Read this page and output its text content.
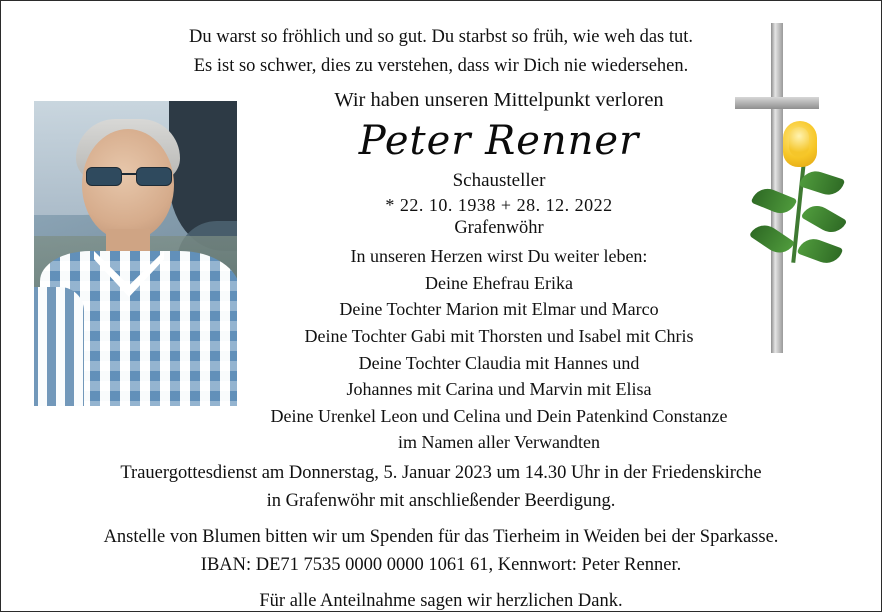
Du warst so fröhlich und so gut. Du starbst so früh, wie weh das tut.
Es ist so schwer, dies zu verstehen, dass wir Dich nie wiedersehen.
Wir haben unseren Mittelpunkt verloren
Peter Renner
Schausteller
* 22. 10. 1938 + 28. 12. 2022
Grafenwöhr
In unseren Herzen wirst Du weiter leben:
Deine Ehefrau Erika
Deine Tochter Marion mit Elmar und Marco
Deine Tochter Gabi mit Thorsten und Isabel mit Chris
Deine Tochter Claudia mit Hannes und
Johannes mit Carina und Marvin mit Elisa
Deine Urenkel Leon und Celina und Dein Patenkind Constanze
im Namen aller Verwandten
Trauergottesdienst am Donnerstag, 5. Januar 2023 um 14.30 Uhr in der Friedenskirche
in Grafenwöhr mit anschließender Beerdigung.
Anstelle von Blumen bitten wir um Spenden für das Tierheim in Weiden bei der Sparkasse.
IBAN: DE71 7535 0000 0000 1061 61, Kennwort: Peter Renner.
Für alle Anteilnahme sagen wir herzlichen Dank.
